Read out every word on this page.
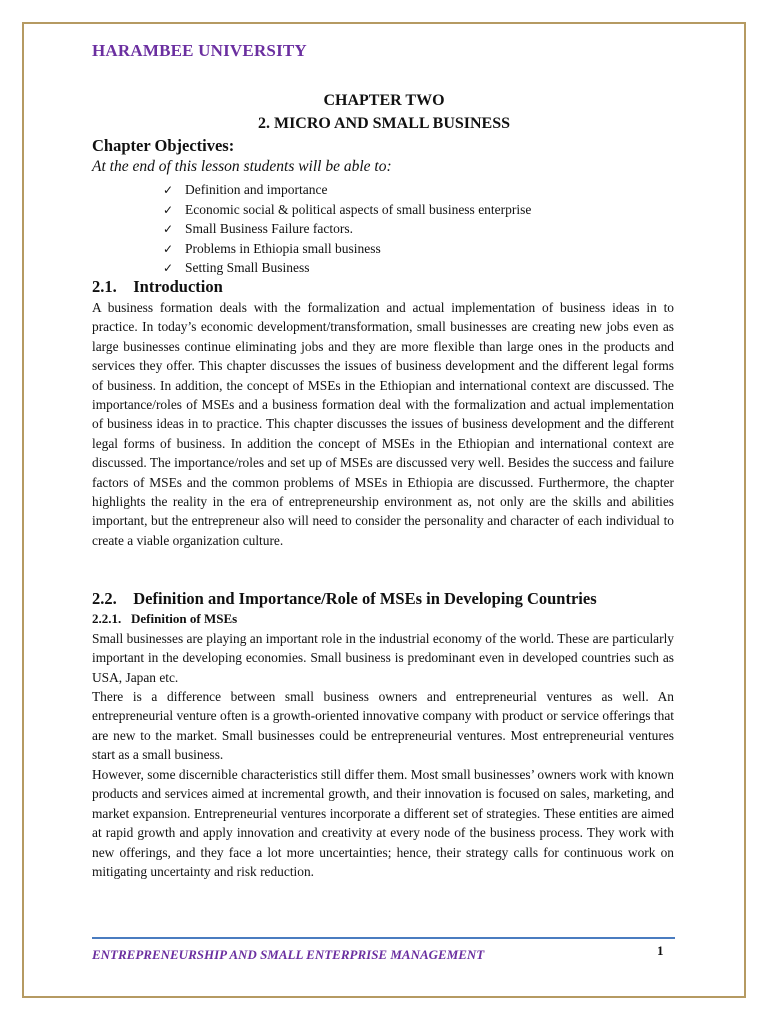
HARAMBEE UNIVERSITY
CHAPTER TWO
2. MICRO AND SMALL BUSINESS
Chapter Objectives:
At the end of this lesson students will be able to:
✓ Definition and importance
✓ Economic social & political aspects of small business enterprise
✓ Small Business Failure factors.
✓ Problems in Ethiopia small business
✓ Setting Small Business
2.1.    Introduction

A business formation deals with the formalization and actual implementation of business ideas in to practice. In today’s economic development/transformation, small businesses are creating new jobs even as large businesses continue eliminating jobs and they are more flexible than large ones in the products and services they offer. This chapter discusses the issues of business development and the different legal forms of business. In addition, the concept of MSEs in the Ethiopian and international context are discussed. The importance/roles of MSEs and a business formation deal with the formalization and actual implementation of business ideas in to practice. This chapter discusses the issues of business development and the different legal forms of business. In addition the concept of MSEs in the Ethiopian and international context are discussed. The importance/roles and set up of MSEs are discussed very well. Besides the success and failure factors of MSEs and the common problems of MSEs in Ethiopia are discussed. Furthermore, the chapter highlights the reality in the era of entrepreneurship environment as, not only are the skills and abilities important, but the entrepreneur also will need to consider the personality and character of each individual to create a viable organization culture.

2.2.    Definition and Importance/Role of MSEs in Developing Countries
2.2.1.   Definition of MSEs

Small businesses are playing an important role in the industrial economy of the world. These are particularly important in the developing economies. Small business is predominant even in developed countries such as USA, Japan etc.

There is a difference between small business owners and entrepreneurial ventures as well. An entrepreneurial venture often is a growth-oriented innovative company with product or service offerings that are new to the market. Small businesses could be entrepreneurial ventures. Most entrepreneurial ventures start as a small business.

However, some discernible characteristics still differ them. Most small businesses’ owners work with known products and services aimed at incremental growth, and their innovation is focused on sales, marketing, and market expansion. Entrepreneurial ventures incorporate a different set of strategies. These entities are aimed at rapid growth and apply innovation and creativity at every node of the business process. They work with new offerings, and they face a lot more uncertainties; hence, their strategy calls for continuous work on mitigating uncertainty and risk reduction.

ENTREPRENEURSHIP AND SMALL ENTERPRISE MANAGEMENT	1
